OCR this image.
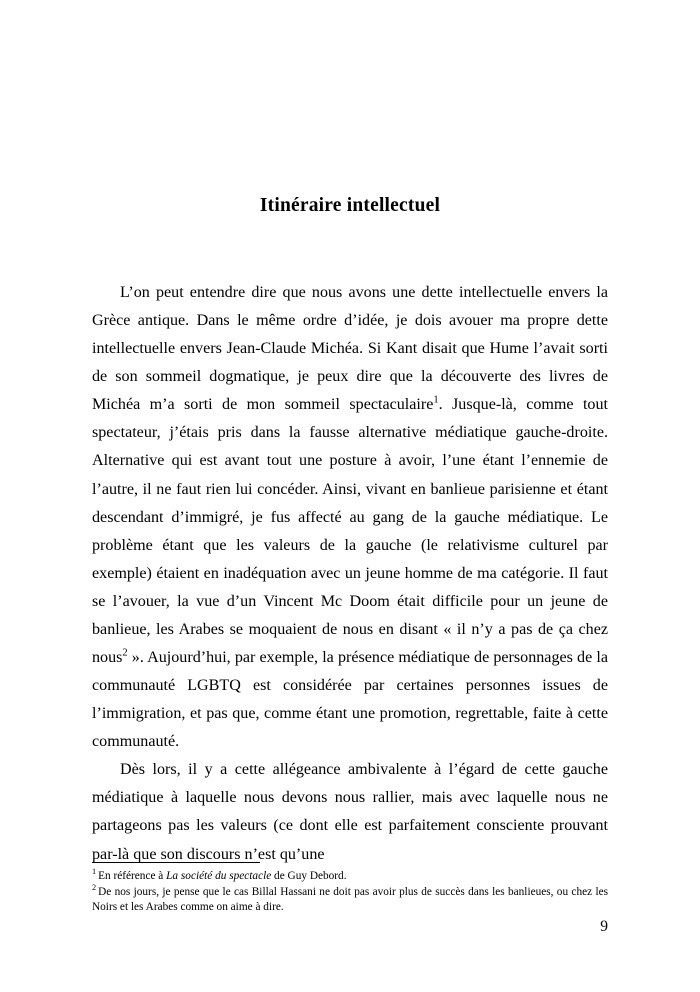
Itinéraire intellectuel

L’on peut entendre dire que nous avons une dette intellectuelle envers la Grèce antique. Dans le même ordre d’idée, je dois avouer ma propre dette intellectuelle envers Jean-Claude Michéa. Si Kant disait que Hume l’avait sorti de son sommeil dogmatique, je peux dire que la découverte des livres de Michéa m’a sorti de mon sommeil spectaculaire$^1$. Jusque-là, comme tout spectateur, j’étais pris dans la fausse alternative médiatique gauche-droite. Alternative qui est avant tout une posture à avoir, l’une étant l’ennemie de l’autre, il ne faut rien lui concéder. Ainsi, vivant en banlieue parisienne et étant descendant d’immigré, je fus affecté au gang de la gauche médiatique. Le problème étant que les valeurs de la gauche (le relativisme culturel par exemple) étaient en inadéquation avec un jeune homme de ma catégorie. Il faut se l’avouer, la vue d’un Vincent Mc Doom était difficile pour un jeune de banlieue, les Arabes se moquaient de nous en disant « il n’y a pas de ça chez nous$^2$ ». Aujourd’hui, par exemple, la présence médiatique de personnages de la communauté LGBTQ est considérée par certaines personnes issues de l’immigration, et pas que, comme étant une promotion, regrettable, faite à cette communauté.

Dès lors, il y a cette allégeance ambivalente à l’égard de cette gauche médiatique à laquelle nous devons nous rallier, mais avec laquelle nous ne partageons pas les valeurs (ce dont elle est parfaitement consciente prouvant par-là que son discours n’est qu’une

$^1$ En référence à La société du spectacle de Guy Debord.

$^2$ De nos jours, je pense que le cas Billal Hassani ne doit pas avoir plus de succès dans les banlieues, ou chez les Noirs et les Arabes comme on aime à dire.

9
